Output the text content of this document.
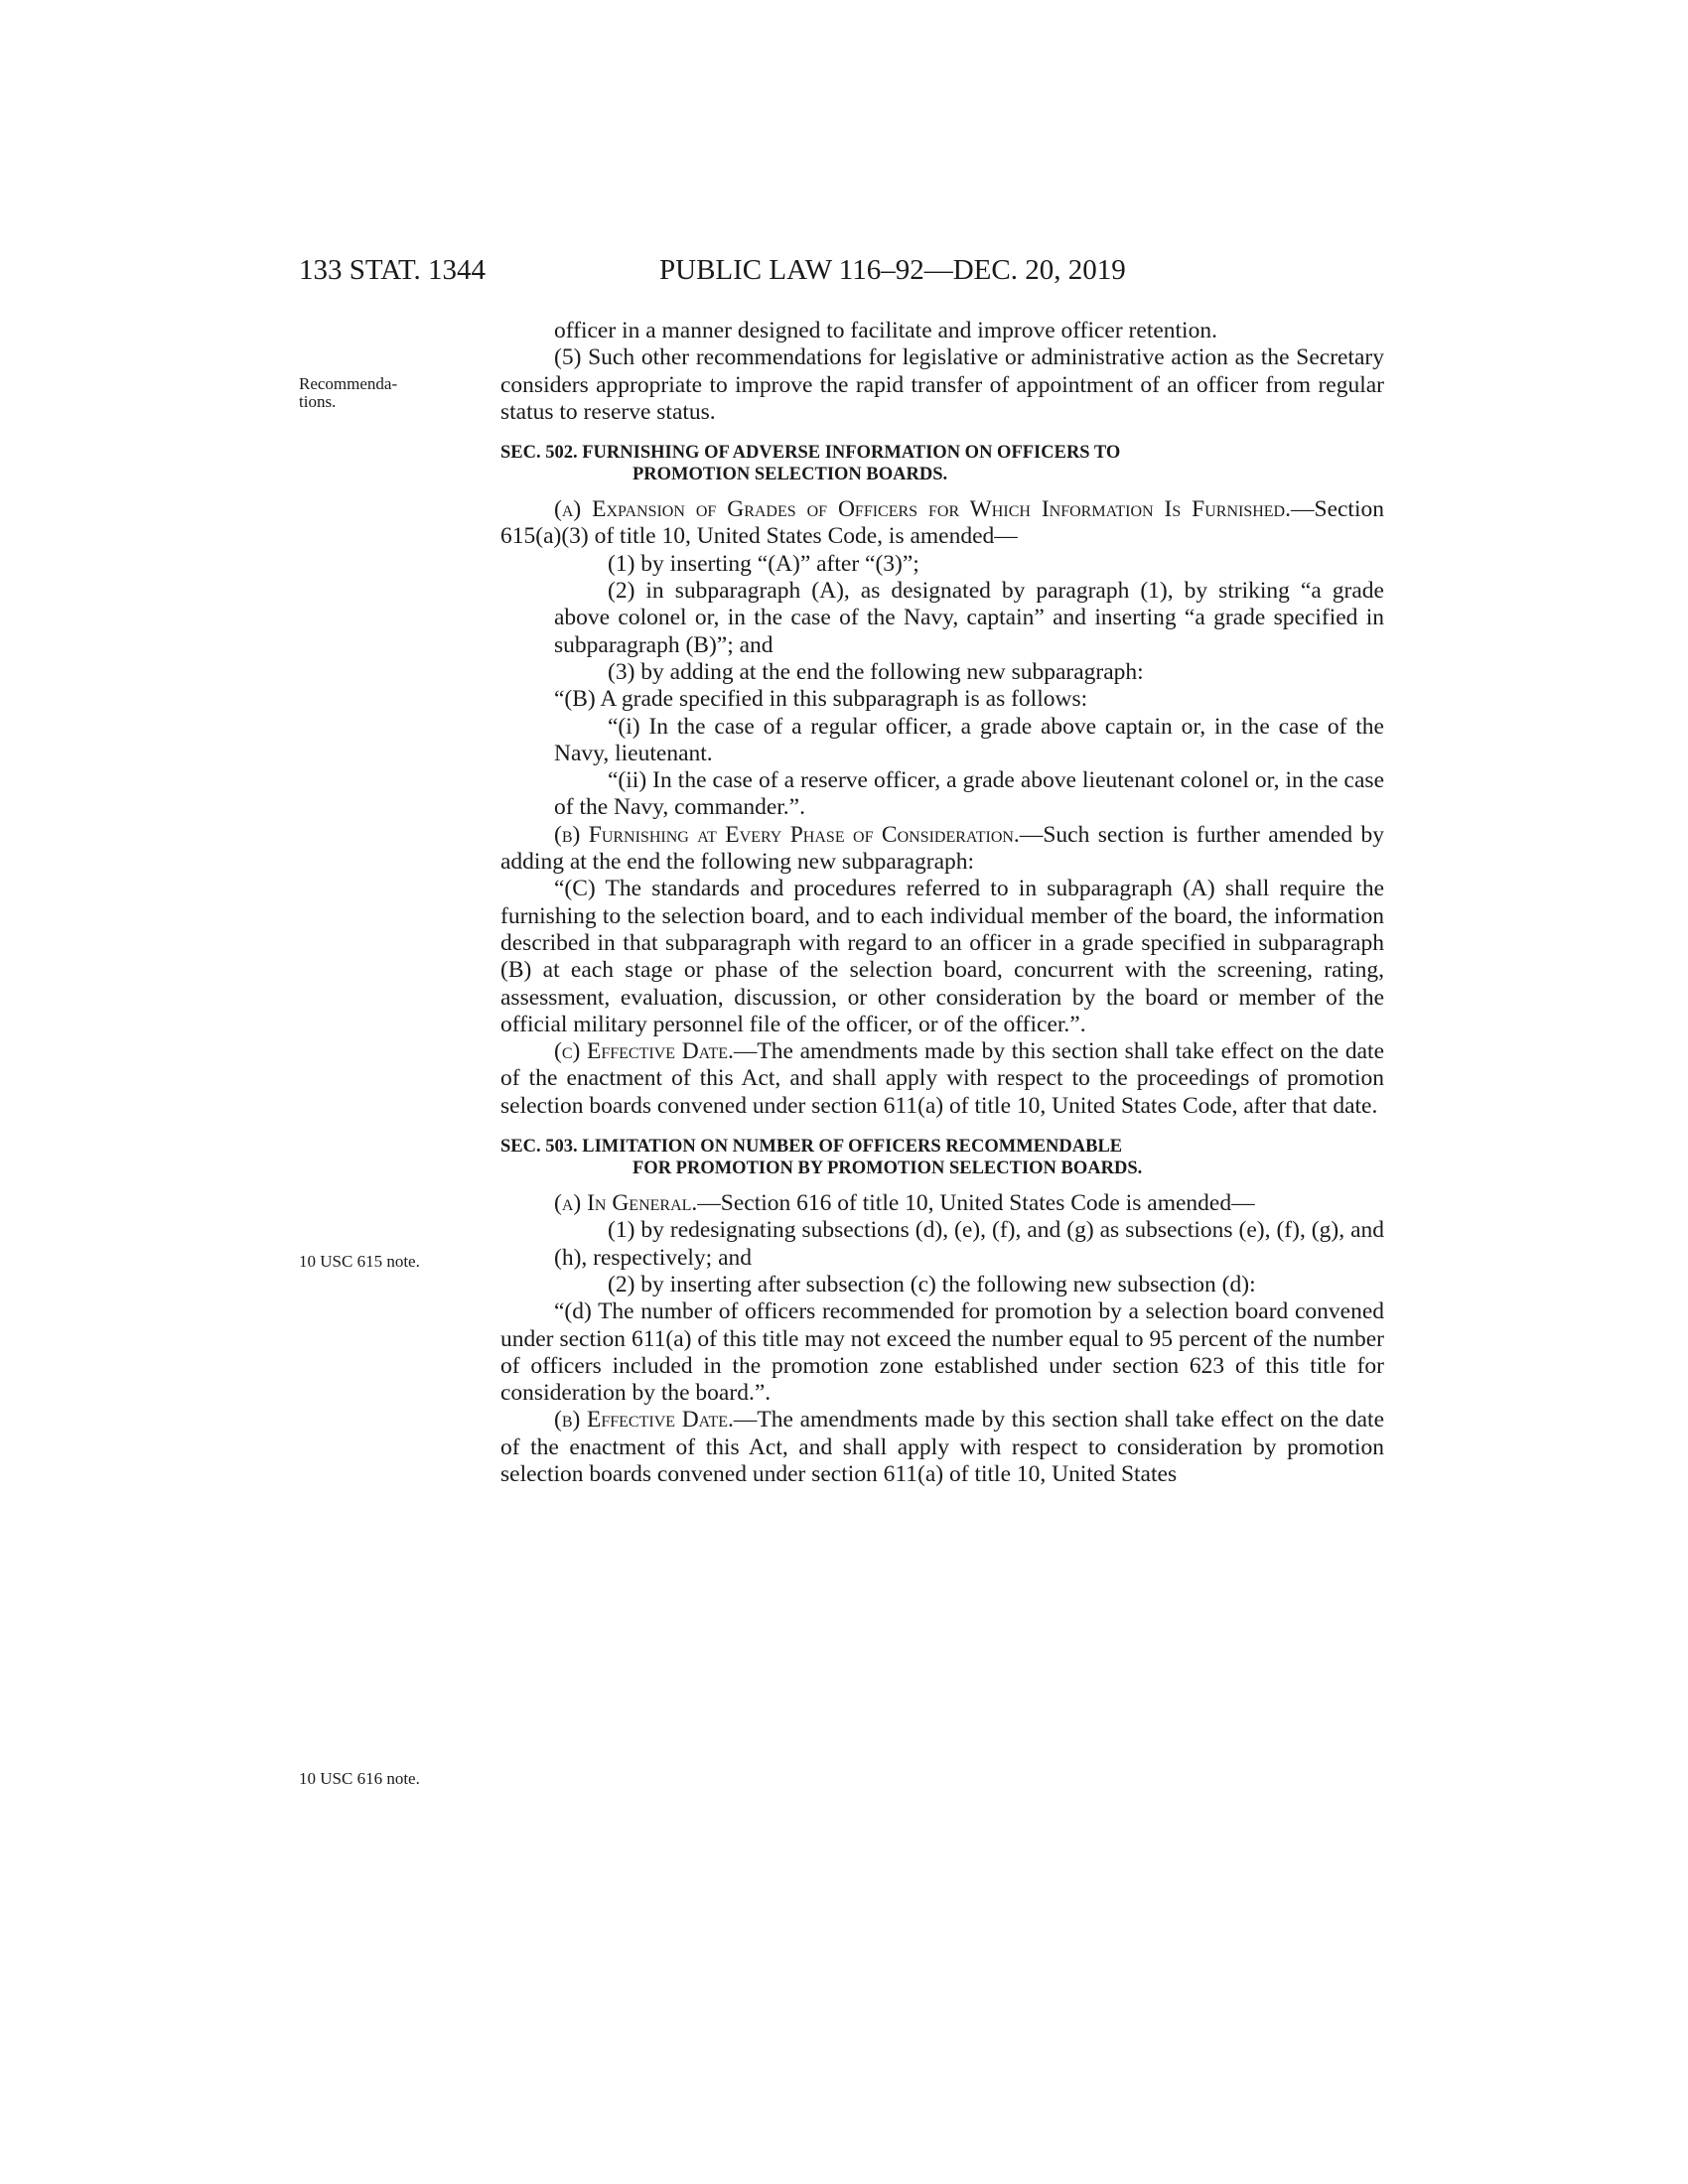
133 STAT. 1344	PUBLIC LAW 116–92—DEC. 20, 2019
Recommenda-
tions.
10 USC 615 note.
10 USC 616 note.

officer in a manner designed to facilitate and improve officer retention.

(5) Such other recommendations for legislative or administrative action as the Secretary considers appropriate to improve the rapid transfer of appointment of an officer from regular status to reserve status.

SEC. 502. FURNISHING OF ADVERSE INFORMATION ON OFFICERS TO
PROMOTION SELECTION BOARDS.

(a) Expansion of Grades of Officers for Which Information Is Furnished.—Section 615(a)(3) of title 10, United States Code, is amended—

(1) by inserting “(A)” after “(3)”;

(2) in subparagraph (A), as designated by paragraph (1), by striking “a grade above colonel or, in the case of the Navy, captain” and inserting “a grade specified in subparagraph (B)”; and

(3) by adding at the end the following new subparagraph:

“(B) A grade specified in this subparagraph is as follows:

“(i) In the case of a regular officer, a grade above captain or, in the case of the Navy, lieutenant.

“(ii) In the case of a reserve officer, a grade above lieutenant colonel or, in the case of the Navy, commander.”.

(b) Furnishing at Every Phase of Consideration.—Such section is further amended by adding at the end the following new subparagraph:

“(C) The standards and procedures referred to in subparagraph (A) shall require the furnishing to the selection board, and to each individual member of the board, the information described in that subparagraph with regard to an officer in a grade specified in subparagraph (B) at each stage or phase of the selection board, concurrent with the screening, rating, assessment, evaluation, discussion, or other consideration by the board or member of the official military personnel file of the officer, or of the officer.”.

(c) Effective Date.—The amendments made by this section shall take effect on the date of the enactment of this Act, and shall apply with respect to the proceedings of promotion selection boards convened under section 611(a) of title 10, United States Code, after that date.

SEC. 503. LIMITATION ON NUMBER OF OFFICERS RECOMMENDABLE
FOR PROMOTION BY PROMOTION SELECTION BOARDS.

(a) In General.—Section 616 of title 10, United States Code is amended—

(1) by redesignating subsections (d), (e), (f), and (g) as subsections (e), (f), (g), and (h), respectively; and

(2) by inserting after subsection (c) the following new subsection (d):

“(d) The number of officers recommended for promotion by a selection board convened under section 611(a) of this title may not exceed the number equal to 95 percent of the number of officers included in the promotion zone established under section 623 of this title for consideration by the board.”.

(b) Effective Date.—The amendments made by this section shall take effect on the date of the enactment of this Act, and shall apply with respect to consideration by promotion selection boards convened under section 611(a) of title 10, United States
